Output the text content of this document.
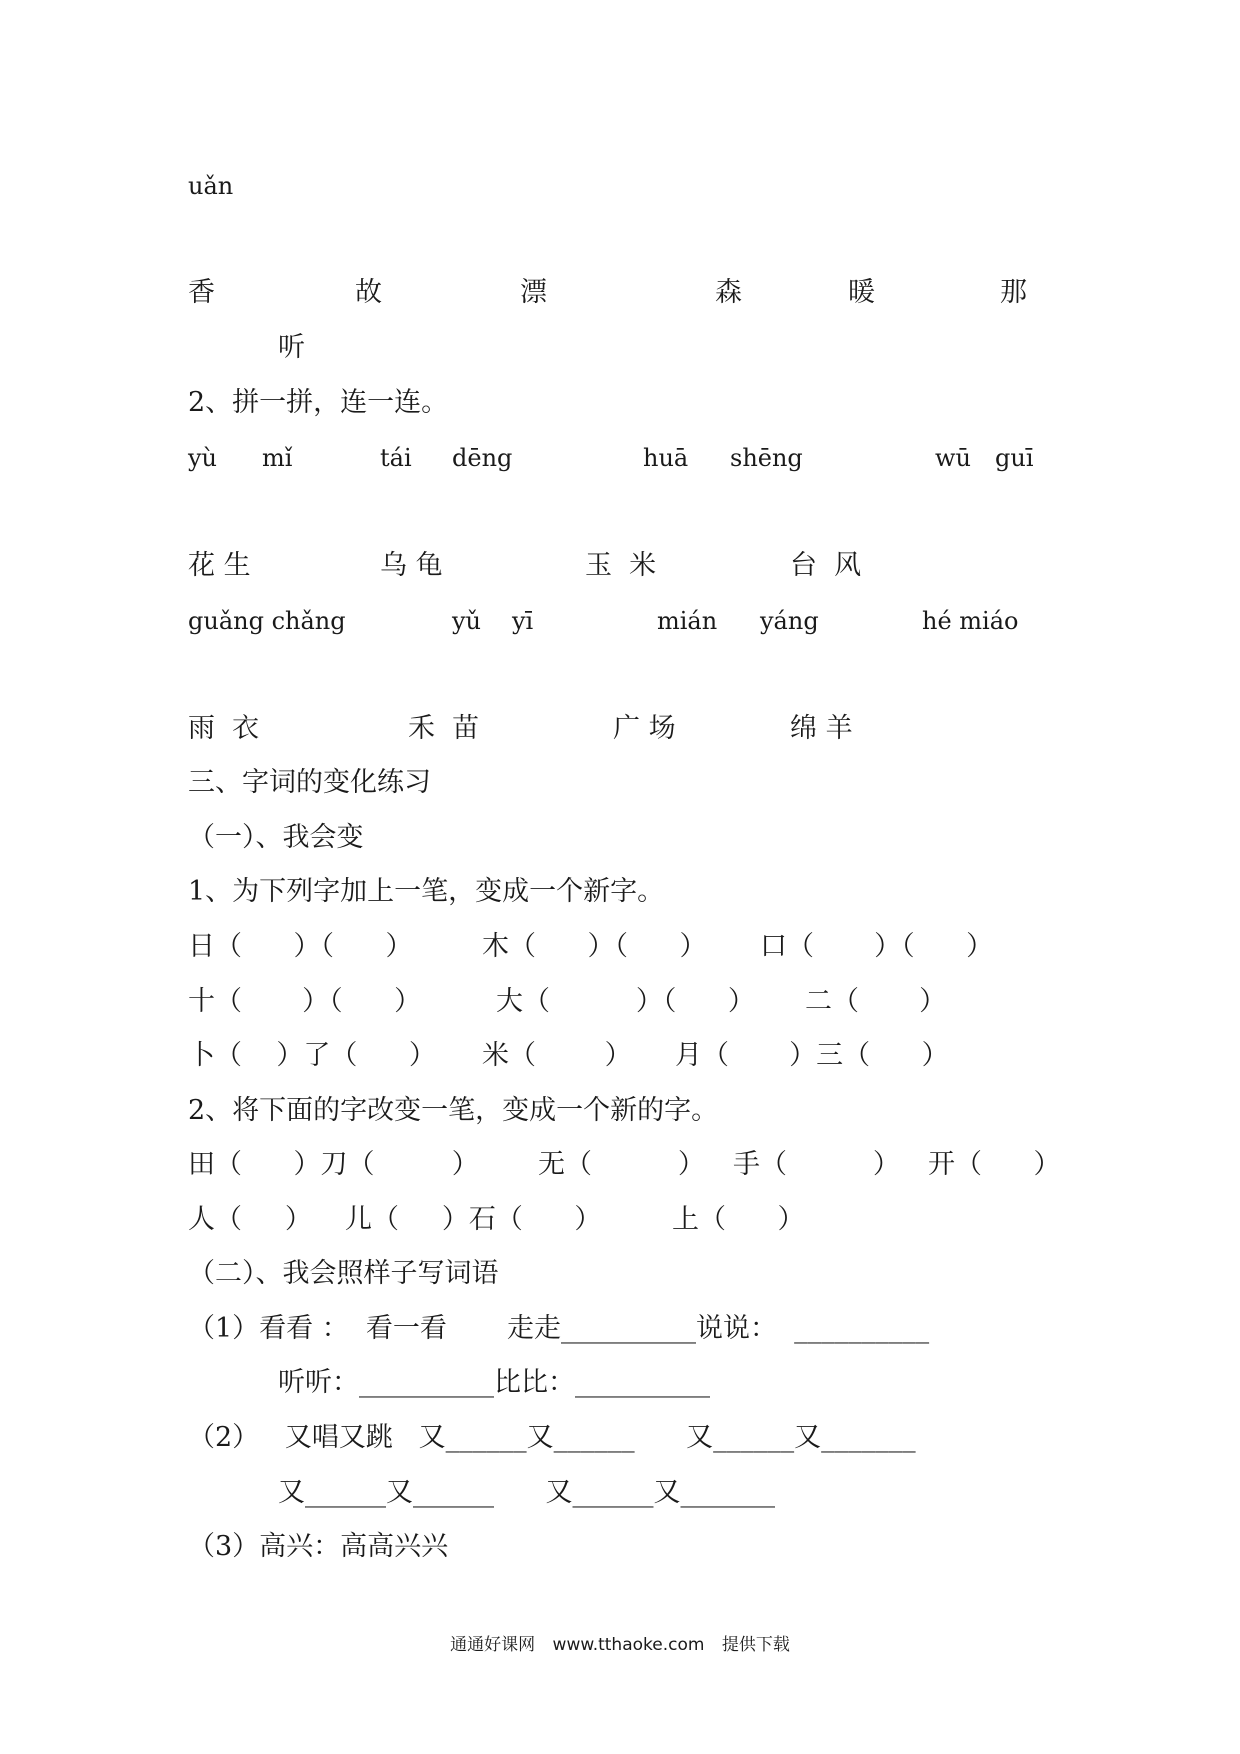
uǎn
香	故	漂	森	暖	那
听
2、拼一拼，连一连。
yù mǐ	tái dēng	huā shēng	wū guī
花 生	乌 龟	玉  米	台  风
guǎng chǎng	yǔ yī	mián yáng	hé miáo
雨  衣	禾  苗	广 场	绵 羊
三、字词的变化练习
（一）、我会变
1、为下列字加上一笔，变成一个新字。
日（      ）（      ）	木（      ）（      ） 口（       ）（      ）
十（       ）（      ）	大（          ）（      ） 二（       ）
卜（    ）了（      ） 米（        ） 月（       ）三（      ）
2、将下面的字改变一笔，变成一个新的字。
田（      ）刀（         ） 无（          ） 手（          ） 开（      ）
人（     ） 儿（     ）石（      ）	上（      ）
（二）、我会照样子写词语
（1）看看 ：  看一看       走走__________说说：  __________
听听：__________比比：__________
（2）   又唱又跳   又______又______      又______又_______
又______又______      又______又_______
（3）高兴：高高兴兴
通通好课网 www.tthaoke.com 提供下载
